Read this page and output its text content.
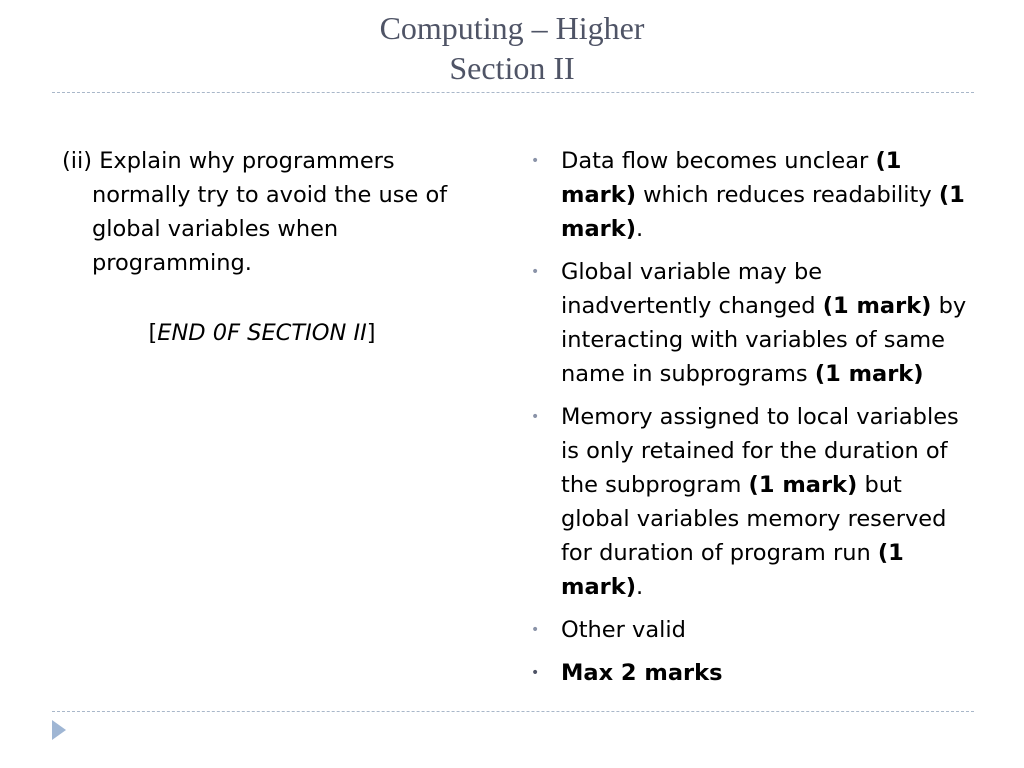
Computing – Higher
Section II

(ii) Explain why programmers normally try to avoid the use of global variables when programming.

[END 0F SECTION II]

• Data flow becomes unclear (1 mark) which reduces readability (1 mark).
• Global variable may be inadvertently changed (1 mark) by interacting with variables of same name in subprograms (1 mark)
• Memory assigned to local variables is only retained for the duration of the subprogram (1 mark) but global variables memory reserved for duration of program run (1 mark).
• Other valid
• Max 2 marks
